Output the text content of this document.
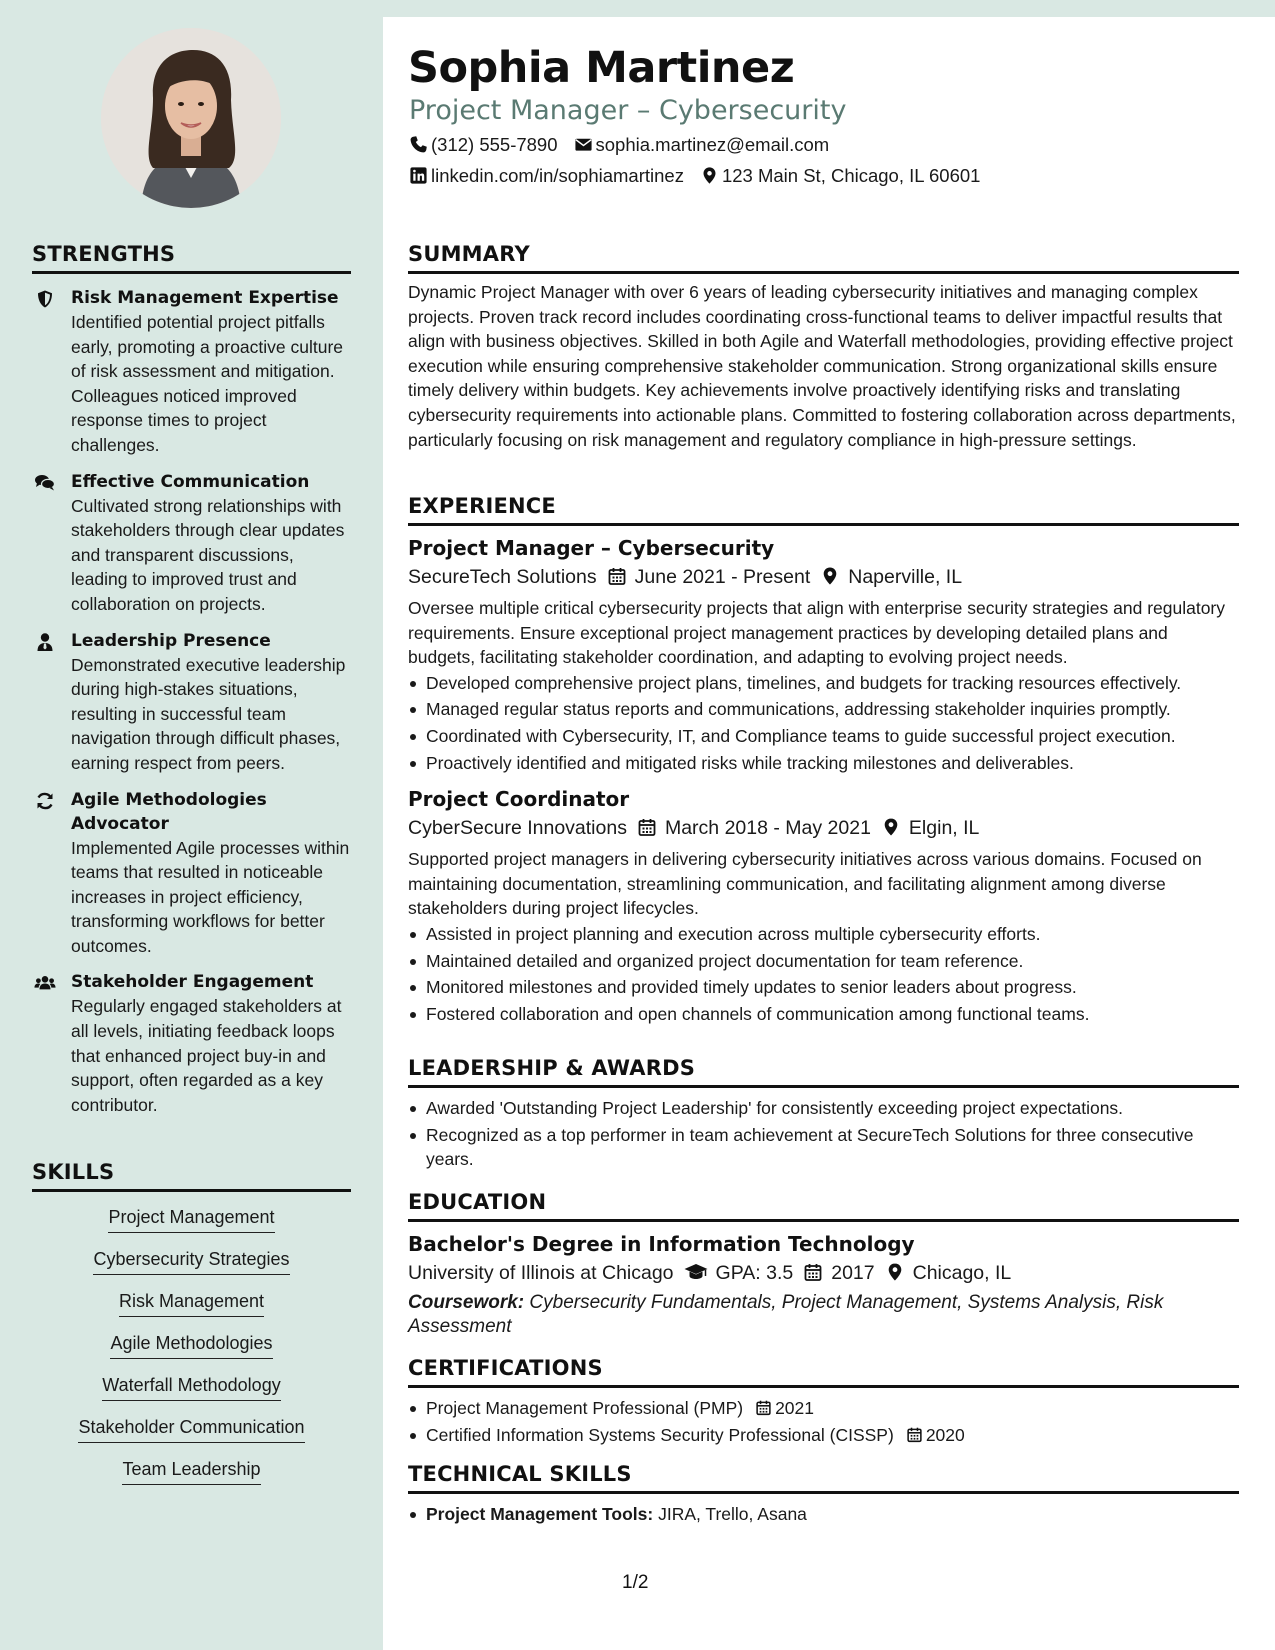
Sophia Martinez
Project Manager – Cybersecurity
(312) 555-7890 sophia.martinez@email.com
linkedin.com/in/sophiamartinez 123 Main St, Chicago, IL 60601
STRENGTHS
Risk Management Expertise
Identified potential project pitfalls early, promoting a proactive culture of risk assessment and mitigation. Colleagues noticed improved response times to project challenges.
Effective Communication
Cultivated strong relationships with stakeholders through clear updates and transparent discussions, leading to improved trust and collaboration on projects.
Leadership Presence
Demonstrated executive leadership during high-stakes situations, resulting in successful team navigation through difficult phases, earning respect from peers.
Agile Methodologies Advocator
Implemented Agile processes within teams that resulted in noticeable increases in project efficiency, transforming workflows for better outcomes.
Stakeholder Engagement
Regularly engaged stakeholders at all levels, initiating feedback loops that enhanced project buy-in and support, often regarded as a key contributor.
SKILLS
Project Management
Cybersecurity Strategies
Risk Management
Agile Methodologies
Waterfall Methodology
Stakeholder Communication
Team Leadership
SUMMARY
Dynamic Project Manager with over 6 years of leading cybersecurity initiatives and managing complex projects. Proven track record includes coordinating cross-functional teams to deliver impactful results that align with business objectives. Skilled in both Agile and Waterfall methodologies, providing effective project execution while ensuring comprehensive stakeholder communication. Strong organizational skills ensure timely delivery within budgets. Key achievements involve proactively identifying risks and translating cybersecurity requirements into actionable plans. Committed to fostering collaboration across departments, particularly focusing on risk management and regulatory compliance in high-pressure settings.
EXPERIENCE
Project Manager – Cybersecurity
SecureTech Solutions June 2021 - Present Naperville, IL
Oversee multiple critical cybersecurity projects that align with enterprise security strategies and regulatory requirements. Ensure exceptional project management practices by developing detailed plans and budgets, facilitating stakeholder coordination, and adapting to evolving project needs.
Developed comprehensive project plans, timelines, and budgets for tracking resources effectively.
Managed regular status reports and communications, addressing stakeholder inquiries promptly.
Coordinated with Cybersecurity, IT, and Compliance teams to guide successful project execution.
Proactively identified and mitigated risks while tracking milestones and deliverables.
Project Coordinator
CyberSecure Innovations March 2018 - May 2021 Elgin, IL
Supported project managers in delivering cybersecurity initiatives across various domains. Focused on maintaining documentation, streamlining communication, and facilitating alignment among diverse stakeholders during project lifecycles.
Assisted in project planning and execution across multiple cybersecurity efforts.
Maintained detailed and organized project documentation for team reference.
Monitored milestones and provided timely updates to senior leaders about progress.
Fostered collaboration and open channels of communication among functional teams.
LEADERSHIP & AWARDS
Awarded 'Outstanding Project Leadership' for consistently exceeding project expectations.
Recognized as a top performer in team achievement at SecureTech Solutions for three consecutive years.
EDUCATION
Bachelor's Degree in Information Technology
University of Illinois at Chicago GPA: 3.5 2017 Chicago, IL
Coursework: Cybersecurity Fundamentals, Project Management, Systems Analysis, Risk Assessment
CERTIFICATIONS
Project Management Professional (PMP) 2021
Certified Information Systems Security Professional (CISSP) 2020
TECHNICAL SKILLS
Project Management Tools: JIRA, Trello, Asana
1/2
